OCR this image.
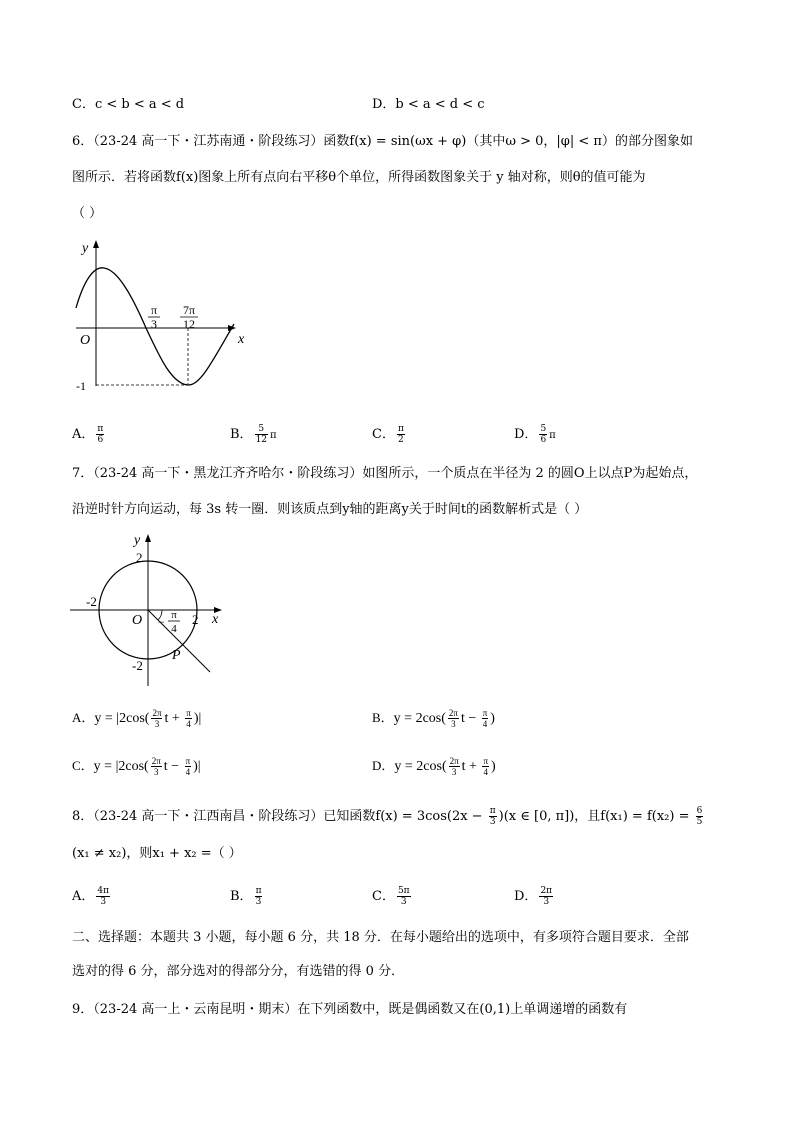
C．c < b < a < d	D．b < a < d < c
6．（23-24 高一下・江苏南通・阶段练习）函数f(x) = sin(ωx + φ)（其中ω > 0，|φ| < π）的部分图象如
图所示．若将函数f(x)图象上所有点向右平移θ个单位，所得函数图象关于 y 轴对称，则θ的值可能为
（ ）
y
x
O
π
3
7π
12
-1
A． $\frac{\pi}{6}$	B． $\frac{5}{12}$ π	C． $\frac{\pi}{2}$	D． $\frac{5}{6}$ π
7．（23-24 高一下・黑龙江齐齐哈尔・阶段练习）如图所示，一个质点在半径为 2 的圆O上以点P为起始点，
沿逆时针方向运动，每 3s 转一圈．则该质点到y轴的距离y关于时间t的函数解析式是（ ）
y
2
O
-2
2 x
-2
− π
4
P
A．$y = |2\cos( \frac{2\pi}{3}$ $t + \frac{\pi}{4}$ )|	B．$y = 2\cos( \frac{2\pi}{3}$ $t - \frac{\pi}{4}$ )
C．$y = |2\cos( \frac{2\pi}{3}$ $t - \frac{\pi}{4}$ )|	D．$y = 2\cos( \frac{2\pi}{3}$ $t + \frac{\pi}{4}$ )
8．（23-24 高一下・江西南昌・阶段练习）已知函数$f(x) = 3\cos(2x - \frac{\pi}{3} )(x$ ∈ [0, π])，且$f(x_1) = f(x_2) = \frac{6}{5}$
(x₁ ≠ x₂)，则x₁ + x₂ =（ ）
A． $\frac{4\pi}{3}$	B． $\frac{\pi}{3}$	C． $\frac{5\pi}{3}$	D． $\frac{2\pi}{3}$
二、选择题：本题共 3 小题，每小题 6 分，共 18 分．在每小题给出的选项中，有多项符合题目要求．全部
选对的得 6 分，部分选对的得部分分，有选错的得 0 分．
9．（23-24 高一上・云南昆明・期末）在下列函数中，既是偶函数又在(0,1)上单调递增的函数有
